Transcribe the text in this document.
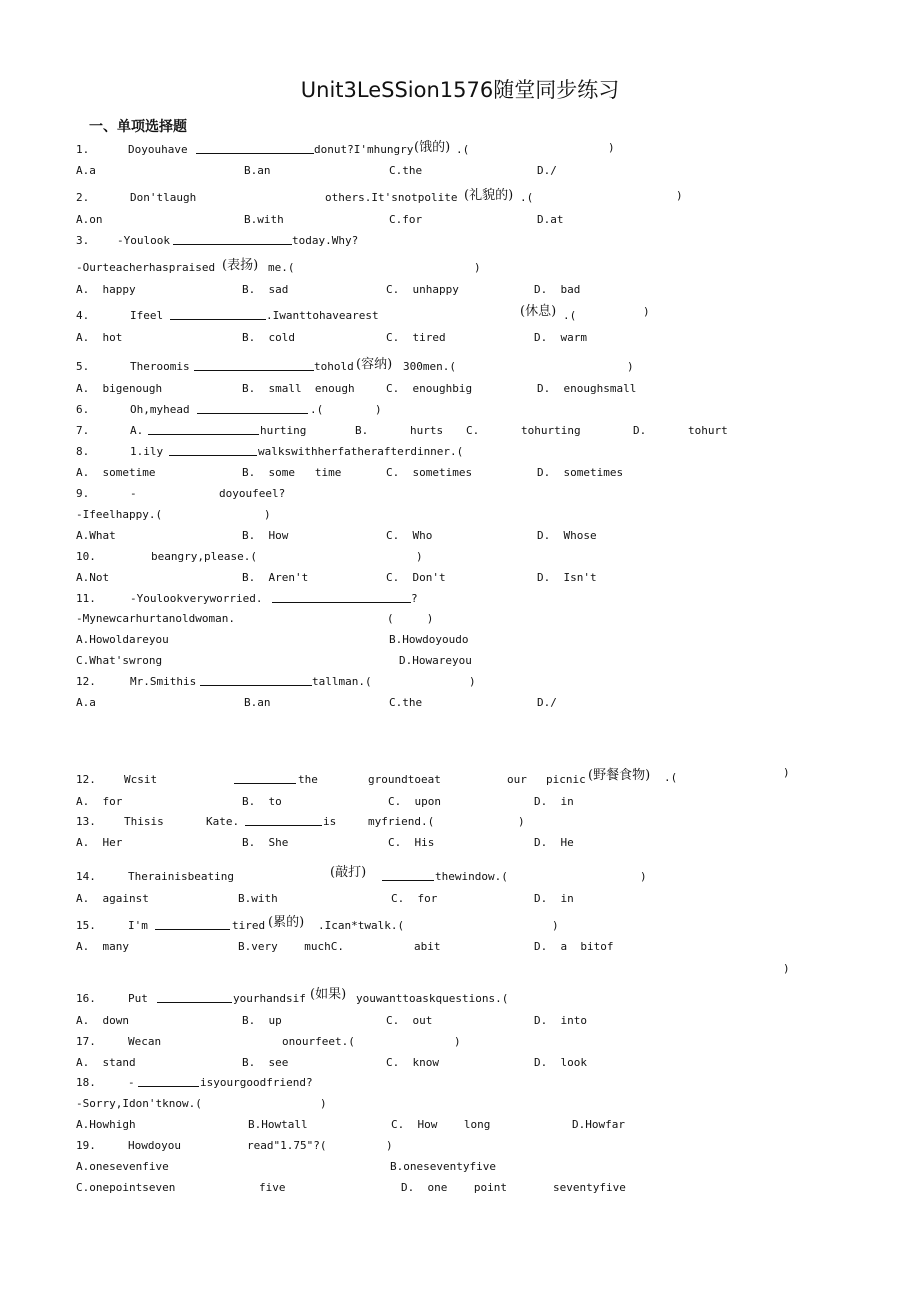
Unit3LeSSion1576随堂同步练习
一、单项选择题
1.	Doyouhave	donut?I'mhungry (饿的) .(	)
A.a	B.an	C.the	D./
2.	Don'tlaugh	others.It'snotpolite (礼貌的) .(	)
A.on	B.with	C.for	D.at
3.	-Youlook	today.Why?
-Ourteacherhaspraised (表扬) me.(	)
A.  happy	B.  sad	C.  unhappy	D.  bad
4.	Ifeel	.Iwanttohavearest	(休息) .(	)
A.  hot	B.  cold	C.  tired	D.  warm
5.	Theroomis	tohold (容纳) 300men.(	)
A.  bigenough	B.  small  enough	C.  enoughbig	D.  enoughsmall
6.	Oh,myhead	.(	)
7.	A.	hurting	B.	hurts C.	tohurting	D.	tohurt
8.	1.ily	walkswithherfatherafterdinner.(
A.  sometime	B.  some   time	C.  sometimes	D.  sometimes
9.	-	doyoufeel?
-Ifeelhappy.(	)
A.What	B.  How	C.  Who	D.  Whose
10.	beangry,please.(	)
A.Not	B.  Aren't	C.  Don't	D.  Isn't
11.	-Youlookveryworried.	?
-Mynewcarhurtanoldwoman.	(     )
A.Howoldareyou	B.Howdoyoudo
C.What'swrong	D.Howareyou
12.	Mr.Smithis	tallman.(	)
A.a	B.an	C.the	D./
12.	Wcsit	the	groundtoeat	our picnic (野餐食物) .(	)
A.  for	B.  to	C.  upon	D.  in
13.	Thisis	Kate.	is	myfriend.(	)
A.  Her	B.  She	C.  His	D.  He
14.	Therainisbeating	(敲打)	thewindow.(	)
A.  against	B.with	C.  for	D.  in
15.	I'm	tired (累的) .Ican*twalk.(	)
A.  many	B.very    muchC.	abit	D.  a  bitof
)
16.	Put	yourhandsif (如果) youwanttoaskquestions.(
A.  down	B.  up	C.  out	D.  into
17.	Wecan	onourfeet.(	)
A.  stand	B.  see	C.  know	D.  look
18.	-	isyourgoodfriend?
-Sorry,Idon'tknow.(	)
A.Howhigh	B.Howtall	C.  How    long	D.Howfar
19.	Howdoyou	read"1.75"?(	)
A.onesevenfive	B.oneseventyfive
C.onepointseven	five	D.  one    point	seventyfive
